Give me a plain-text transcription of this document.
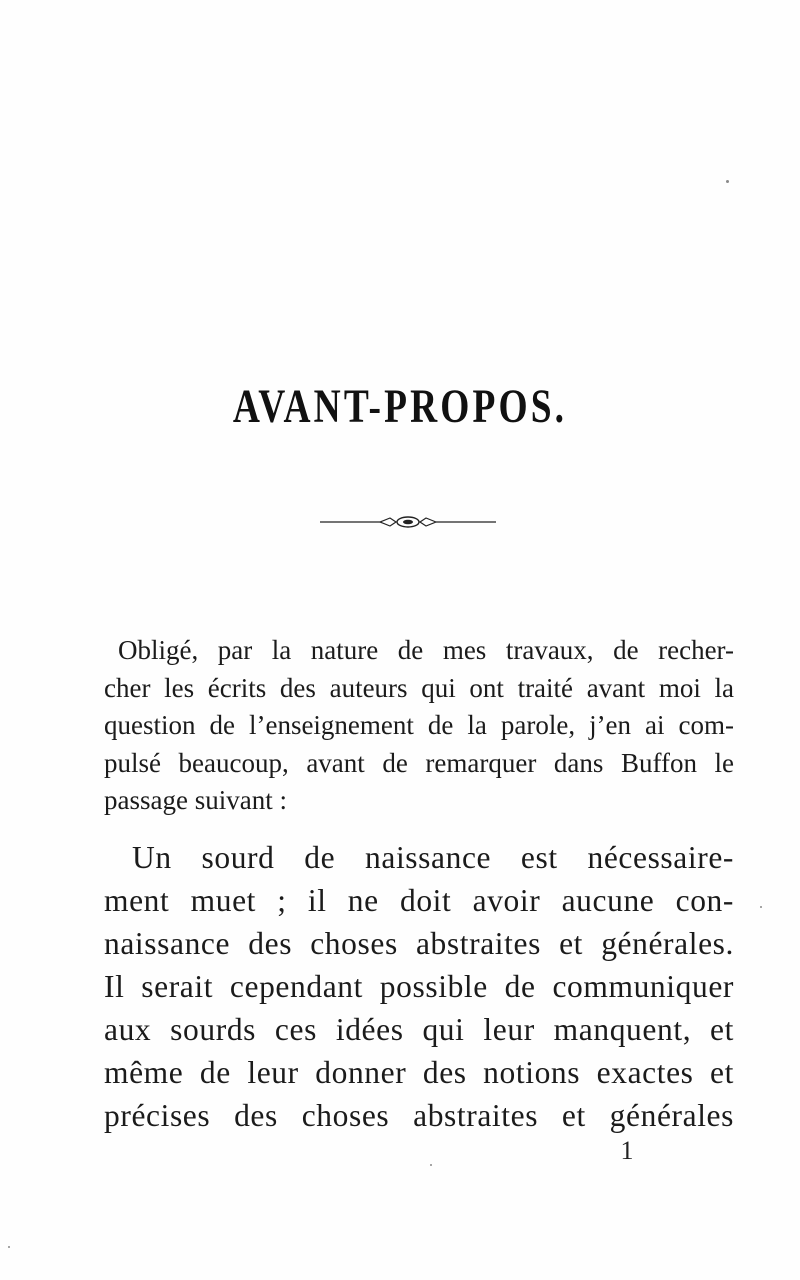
AVANT-PROPOS.
Obligé, par la nature de mes travaux, de recher-
cher les écrits des auteurs qui ont traité avant moi la
question de l’enseignement de la parole, j’en ai com-
pulsé beaucoup, avant de remarquer dans Buffon le
passage suivant :
Un sourd de naissance est nécessaire-
ment muet ; il ne doit avoir aucune con-
naissance des choses abstraites et générales.
Il serait cependant possible de communiquer
aux sourds ces idées qui leur manquent, et
même de leur donner des notions exactes et
précises des choses abstraites et générales
1
